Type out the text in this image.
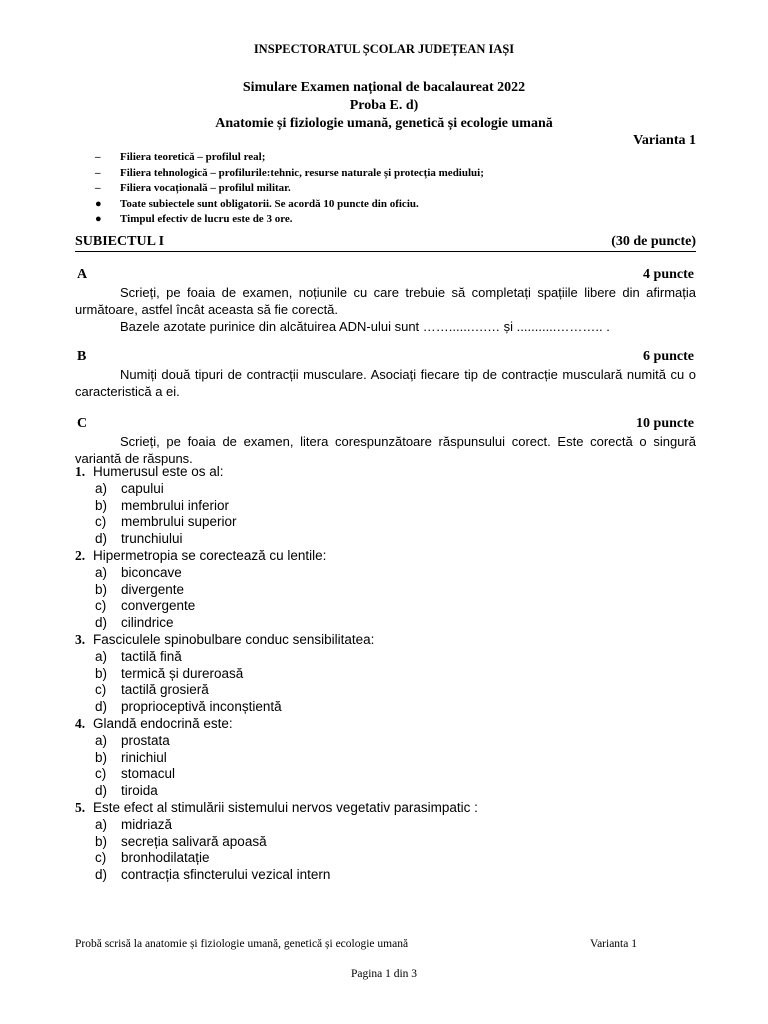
INSPECTORATUL ȘCOLAR JUDEȚEAN IAȘI
Simulare Examen național de bacalaureat 2022
Proba E. d)
Anatomie și fiziologie umană, genetică și ecologie umană
Varianta 1
–	Filiera teoretică – profilul real;
–	Filiera tehnologică – profilurile:tehnic, resurse naturale și protecția mediului;
–	Filiera vocațională – profilul militar.
●	Toate subiectele sunt obligatorii. Se acordă 10 puncte din oficiu.
●	Timpul efectiv de lucru este de 3 ore.
SUBIECTUL I	(30 de puncte)
A	4 puncte
Scrieți, pe foaia de examen, noțiunile cu care trebuie să completați spațiile libere din afirmația următoare, astfel încât aceasta să fie corectă.
Bazele azotate purinice din alcătuirea ADN-ului sunt ……......….… și ...........……….. .
B	6 puncte
Numiți două tipuri de contracții musculare. Asociați fiecare tip de contracție musculară numită cu o caracteristică a ei.
C	10 puncte
Scrieți, pe foaia de examen, litera corespunzătoare răspunsului corect. Este corectă o singură variantă de răspuns.
1. Humerusul este os al:
a) capului
b) membrului inferior
c) membrului superior
d) trunchiului
2. Hipermetropia se corectează cu lentile:
a) biconcave
b) divergente
c) convergente
d) cilindrice
3. Fasciculele spinobulbare conduc sensibilitatea:
a) tactilă fină
b) termică și dureroasă
c) tactilă grosieră
d) proprioceptivă inconștientă
4. Glandă endocrină este:
a) prostata
b) rinichiul
c) stomacul
d) tiroida
5. Este efect al stimulării sistemului nervos vegetativ parasimpatic :
a) midriază
b) secreția salivară apoasă
c) bronhodilatație
d) contracția sfincterului vezical intern
Probă scrisă la anatomie și fiziologie umană, genetică și ecologie umană	Varianta 1
Pagina 1 din 3
